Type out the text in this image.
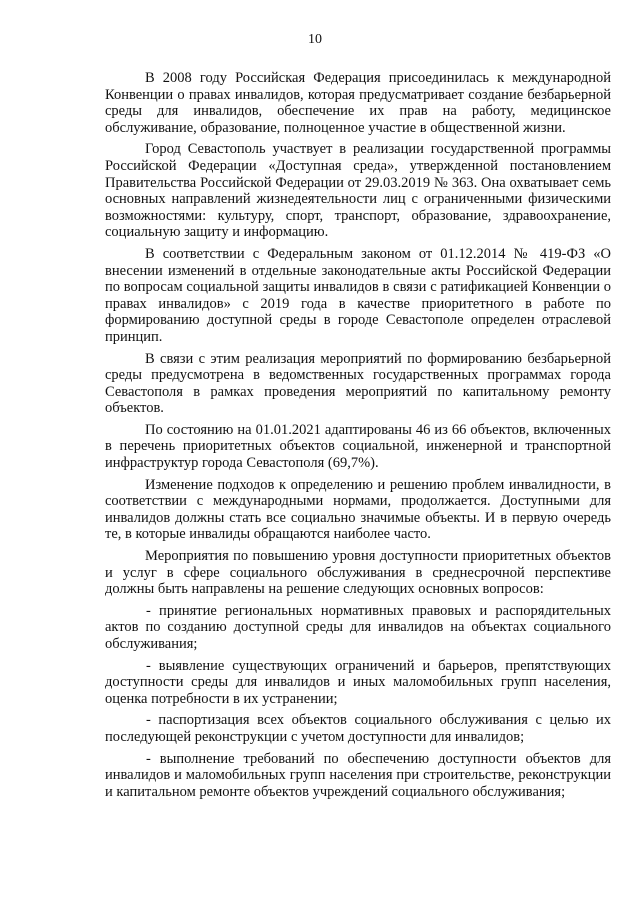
10

В 2008 году Российская Федерация присоединилась к международной Конвенции о правах инвалидов, которая предусматривает создание безбарьерной среды для инвалидов, обеспечение их прав на работу, медицинское обслуживание, образование, полноценное участие в общественной жизни.

Город Севастополь участвует в реализации государственной программы Российской Федерации «Доступная среда», утвержденной постановлением Правительства Российской Федерации от 29.03.2019 № 363. Она охватывает семь основных направлений жизнедеятельности лиц с ограниченными физическими возможностями: культуру, спорт, транспорт, образование, здравоохранение, социальную защиту и информацию.

В соответствии с Федеральным законом от 01.12.2014 № 419-ФЗ «О внесении изменений в отдельные законодательные акты Российской Федерации по вопросам социальной защиты инвалидов в связи с ратификацией Конвенции о правах инвалидов» с 2019 года в качестве приоритетного в работе по формированию доступной среды в городе Севастополе определен отраслевой принцип.

В связи с этим реализация мероприятий по формированию безбарьерной среды предусмотрена в ведомственных государственных программах города Севастополя в рамках проведения мероприятий по капитальному ремонту объектов.

По состоянию на 01.01.2021 адаптированы 46 из 66 объектов, включенных в перечень приоритетных объектов социальной, инженерной и транспортной инфраструктур города Севастополя (69,7%).

Изменение подходов к определению и решению проблем инвалидности, в соответствии с международными нормами, продолжается. Доступными для инвалидов должны стать все социально значимые объекты. И в первую очередь те, в которые инвалиды обращаются наиболее часто.

Мероприятия по повышению уровня доступности приоритетных объектов и услуг в сфере социального обслуживания в среднесрочной перспективе должны быть направлены на решение следующих основных вопросов:

- принятие региональных нормативных правовых и распорядительных актов по созданию доступной среды для инвалидов на объектах социального обслуживания;

- выявление существующих ограничений и барьеров, препятствующих доступности среды для инвалидов и иных маломобильных групп населения, оценка потребности в их устранении;

- паспортизация всех объектов социального обслуживания с целью их последующей реконструкции с учетом доступности для инвалидов;

- выполнение требований по обеспечению доступности объектов для инвалидов и маломобильных групп населения при строительстве, реконструкции и капитальном ремонте объектов учреждений социального обслуживания;
